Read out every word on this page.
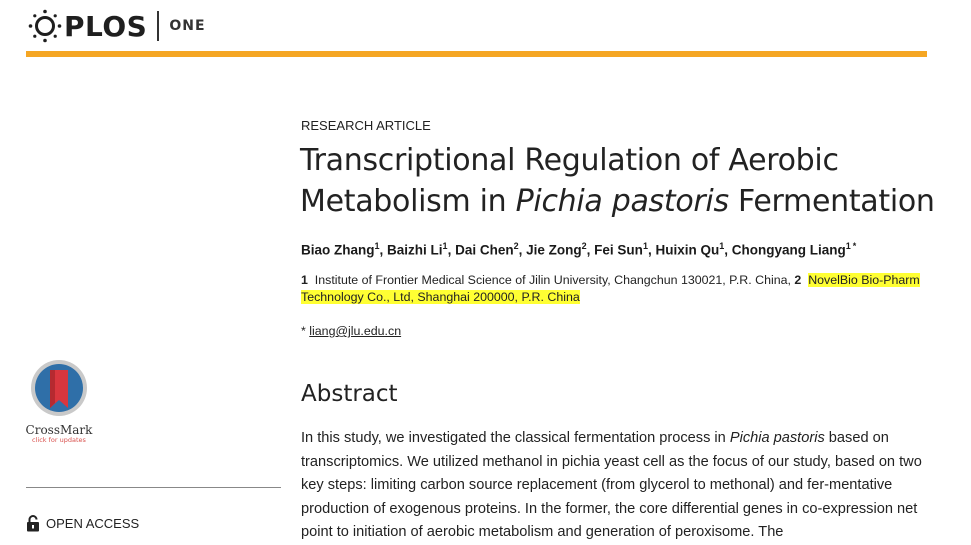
PLOS ONE
RESEARCH ARTICLE
Transcriptional Regulation of Aerobic Metabolism in Pichia pastoris Fermentation
Biao Zhang$^1$, Baizhi Li$^1$, Dai Chen$^2$, Jie Zong$^2$, Fei Sun$^1$, Huixin Qu$^1$, Chongyang Liang$^1$ *
1 Institute of Frontier Medical Science of Jilin University, Changchun 130021, P.R. China, 2 NovelBio Bio-Pharm Technology Co., Ltd, Shanghai 200000, P.R. China
* liang@jlu.edu.cn
CrossMark
click for updates
OPEN ACCESS
Abstract

In this study, we investigated the classical fermentation process in Pichia pastoris based on transcriptomics. We utilized methanol in pichia yeast cell as the focus of our study, based on two key steps: limiting carbon source replacement (from glycerol to methonal) and fer-mentative production of exogenous proteins. In the former, the core differential genes in co-expression net point to initiation of aerobic metabolism and generation of peroxisome. The
